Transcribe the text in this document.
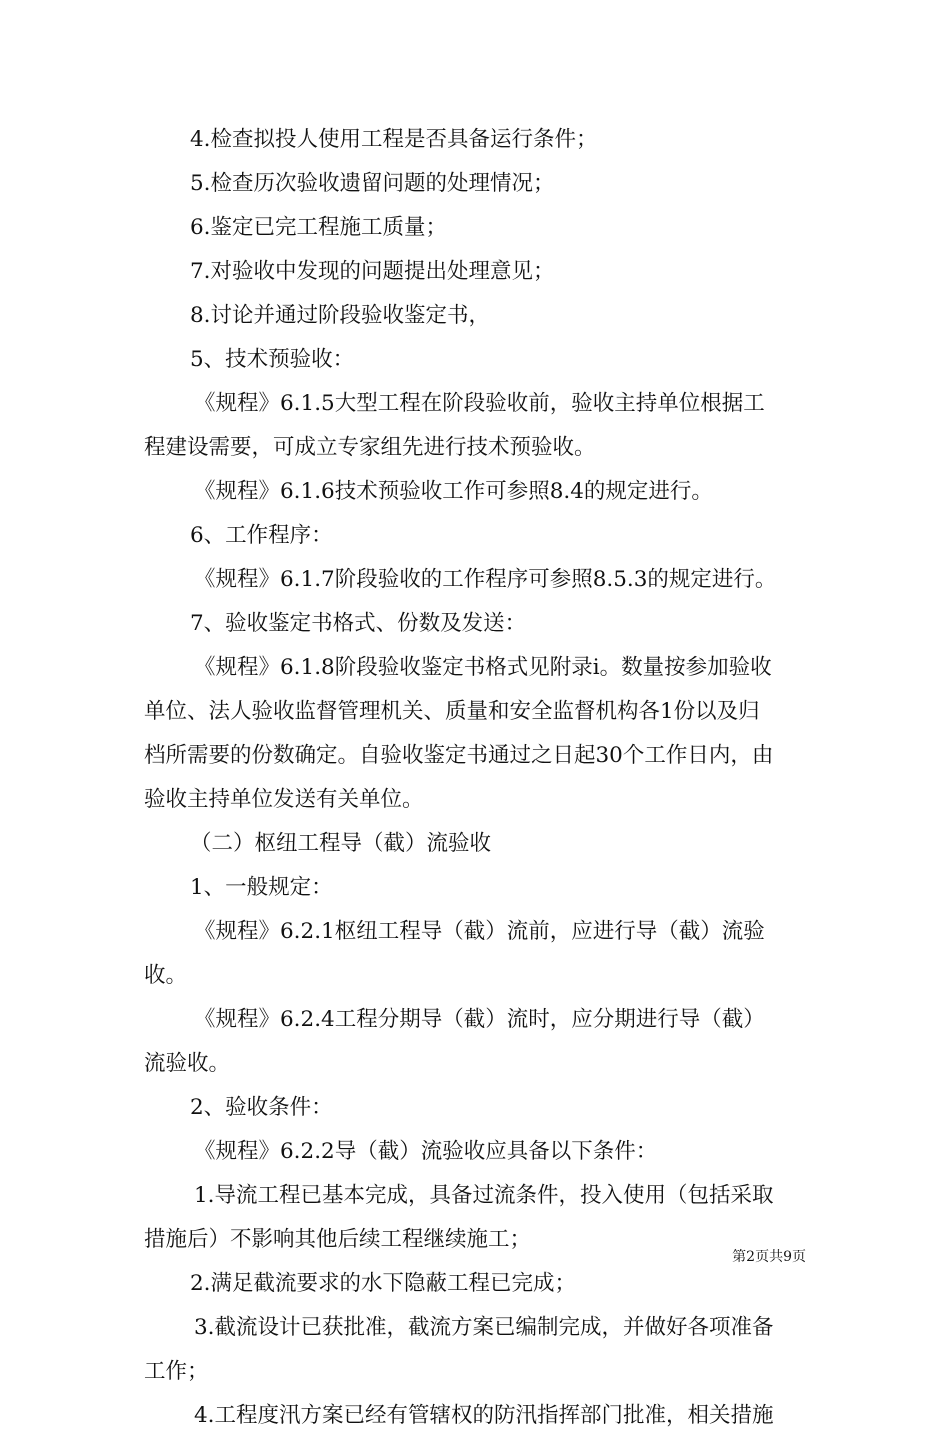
4.检查拟投人使用工程是否具备运行条件；

5.检查历次验收遗留问题的处理情况；

6.鉴定已完工程施工质量；

7.对验收中发现的问题提出处理意见；

8.讨论并通过阶段验收鉴定书，

5、技术预验收：

《规程》6.1.5大型工程在阶段验收前，验收主持单位根据工

程建设需要，可成立专家组先进行技术预验收。

《规程》6.1.6技术预验收工作可参照8.4的规定进行。

6、工作程序：

《规程》6.1.7阶段验收的工作程序可参照8.5.3的规定进行。

7、验收鉴定书格式、份数及发送：

《规程》6.1.8阶段验收鉴定书格式见附录i。数量按参加验收

单位、法人验收监督管理机关、质量和安全监督机构各1份以及归

档所需要的份数确定。自验收鉴定书通过之日起30个工作日内，由

验收主持单位发送有关单位。

（二）枢纽工程导（截）流验收

1、一般规定：

《规程》6.2.1枢纽工程导（截）流前，应进行导（截）流验

收。

《规程》6.2.4工程分期导（截）流时，应分期进行导（截）

流验收。

2、验收条件：

《规程》6.2.2导（截）流验收应具备以下条件：

1.导流工程已基本完成，具备过流条件，投入使用（包括采取

措施后）不影响其他后续工程继续施工；

2.满足截流要求的水下隐蔽工程已完成；

3.截流设计已获批准，截流方案已编制完成，并做好各项准备

工作；

4.工程度汛方案已经有管辖权的防汛指挥部门批准，相关措施

第2页共9页
